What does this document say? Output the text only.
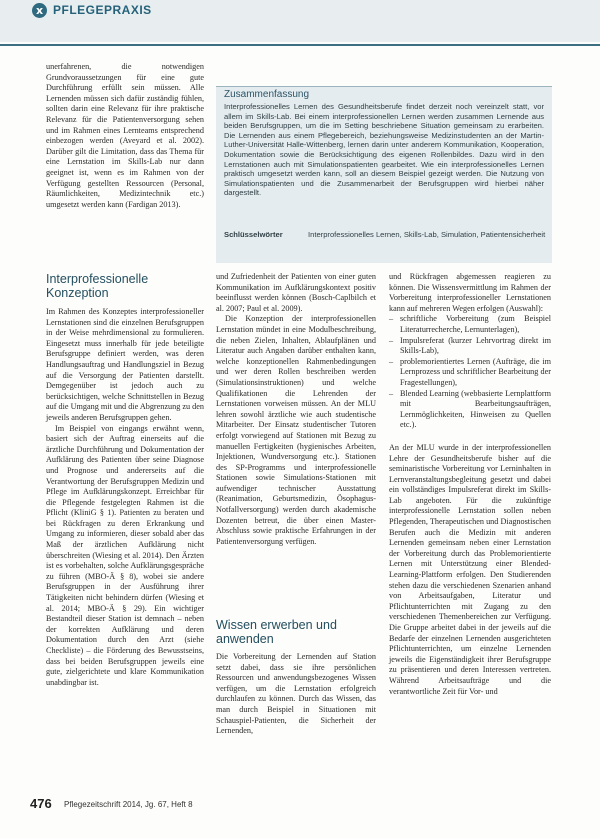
x PFLEGEPRAXIS

unerfahrenen, die notwendigen Grundvoraussetzungen für eine gute Durchführung erfüllt sein müssen. Alle Lernenden müssen sich dafür zuständig fühlen, sollten darin eine Relevanz für ihre praktische Relevanz für die Patientenversorgung sehen und im Rahmen eines Lernteams entsprechend einbezogen werden (Aveyard et al. 2002). Darüber gilt die Limitation, dass das Thema für eine Lernstation im Skills-Lab nur dann geeignet ist, wenn es im Rahmen von der Verfügung gestellten Ressourcen (Personal, Räumlichkeiten, Medizintechnik etc.) umgesetzt werden kann (Fardigan 2013).

Interprofessionelle Konzeption

Im Rahmen des Konzeptes interprofessioneller Lernstationen sind die einzelnen Berufsgruppen in der Weise mehrdimensional zu formulieren. Eingesetzt muss innerhalb für jede beteiligte Berufsgruppe definiert werden, was deren Handlungsauftrag und Handlungsziel in Bezug auf die Versorgung der Patienten darstellt. Demgegenüber ist jedoch auch zu berücksichtigen, welche Schnittstellen in Bezug auf die Umgang mit und die Abgrenzung zu den jeweils anderen Berufsgruppen gehen.

Im Beispiel von eingangs erwähnt wenn, basiert sich der Auftrag einerseits auf die ärztliche Durchführung und Dokumentation der Aufklärung des Patienten über seine Diagnose und Prognose und andererseits auf die Verantwortung der Berufsgruppen Medizin und Pflege im Aufklärungskonzept. Erreichbar für die Pflegende festgelegten Rahmen ist die Pflicht (KliniG § 1). Patienten zu beraten und bei Rückfragen zu deren Erkrankung und Umgang zu informieren, dieser sobald aber das Maß der ärztlichen Aufklärung nicht überschreiten (Wiesing et al. 2014). Den Ärzten ist es vorbehalten, solche Aufklärungsgespräche zu führen (MBO-Ä § 8), wobei sie andere Berufsgruppen in der Ausführung ihrer Tätigkeiten nicht behindern dürfen (Wiesing et al. 2014; MBO-Ä § 29). Ein wichtiger Bestandteil dieser Station ist demnach – neben der korrekten Aufklärung und deren Dokumentation durch den Arzt (siehe Checkliste) – die Förderung des Bewusstseins, dass bei beiden Berufsgruppen jeweils eine gute, zielgerichtete und klare Kommunikation unabdingbar ist.

Zusammenfassung
Interprofessionelles Lernen des Gesundheitsberufe findet derzeit noch vereinzelt statt, vor allem im Skills-Lab. Bei einem interprofessionellen Lernen werden zusammen Lernende aus beiden Berufsgruppen, um die im Setting beschriebene Situation gemeinsam zu erarbeiten. Die Lernenden aus einem Pflegebereich, beziehungsweise Medizinstudenten an der Martin-Luther-Universität Halle-Wittenberg, lernen darin unter anderem Kommunikation, Kooperation, Dokumentation sowie die Berücksichtigung des eigenen Rollenbildes. Dazu wird in den Lernstationen auch mit Simulationspatienten gearbeitet. Wie ein interprofessionelles Lernen praktisch umgesetzt werden kann, soll an diesem Beispiel gezeigt werden. Die Nutzung von Simulationspatienten und die Zusammenarbeit der Berufsgruppen wird hierbei näher dargestellt.
Schlüsselwörter	Interprofessionelles Lernen, Skills-Lab, Simulation, Patientensicherheit

und Zufriedenheit der Patienten von einer guten Kommunikation im Aufklärungskontext positiv beeinflusst werden können (Bosch-Caplbilch et al. 2007; Paul et al. 2009).

Die Konzeption der interprofessionellen Lernstation mündet in eine Modulbeschreibung, die neben Zielen, Inhalten, Ablaufplänen und Literatur auch Angaben darüber enthalten kann, welche konzeptionellen Rahmenbedingungen und wer deren Rollen beschreiben werden (Simulationsinstruktionen) und welche Qualifikationen die Lehrenden der Lernstationen vorweisen müssen. An der MLU lehren sowohl ärztliche wie auch studentische Mitarbeiter. Der Einsatz studentischer Tutoren erfolgt vorwiegend auf Stationen mit Bezug zu manuellen Fertigkeiten (hygienisches Arbeiten, Injektionen, Wundversorgung etc.). Stationen des SP-Programms und interprofessionelle Stationen sowie Simulations-Stationen mit aufwendiger technischer Ausstattung (Reanimation, Geburtsmedizin, Ösophagus-Notfallversorgung) werden durch akademische Dozenten betreut, die über einen Master-Abschluss sowie praktische Erfahrungen in der Patientenversorgung verfügen.

Wissen erwerben und anwenden

Die Vorbereitung der Lernenden auf Station setzt dabei, dass sie ihre persönlichen Ressourcen und anwendungsbezogenes Wissen verfügen, um die Lernstation erfolgreich durchlaufen zu können. Durch das Wissen, das man durch Beispiel in Situationen mit Schauspiel-Patienten, die Sicherheit der Lernenden,

und Rückfragen abgemessen reagieren zu können. Die Wissensvermittlung im Rahmen der Vorbereitung interprofessioneller Lernstationen kann auf mehreren Wegen erfolgen (Auswahl):

– schriftliche Vorbereitung (zum Beispiel Literaturrecherche, Lernunterlagen),
– Impulsreferat (kurzer Lehrvortrag direkt im Skills-Lab),
– problemorientiertes Lernen (Aufträge, die im Lernprozess und schriftlicher Bearbeitung der Fragestellungen),
– Blended Learning (webbasierte Lernplattform mit Bearbeitungsaufträgen, Lernmöglichkeiten, Hinweisen zu Quellen etc.).

An der MLU wurde in der interprofessionellen Lehre der Gesundheitsberufe bisher auf die seminaristische Vorbereitung vor Lerninhalten in Lernveranstaltungsbegleitung gesetzt und dabei ein vollständiges Impulsreferat direkt im Skills-Lab angeboten. Für die zukünftige interprofessionelle Lernstation sollen neben Pflegenden, Therapeutischen und Diagnostischen Berufen auch die Medizin mit anderen Lernenden gemeinsam neben einer Lernstation der Vorbereitung durch das Problemorientierte Lernen mit Unterstützung einer Blended-Learning-Plattform erfolgen. Den Studierenden stehen dazu die verschiedenen Szenarien anhand von Arbeitsaufgaben, Literatur und Pflichtunterrichten mit Zugang zu den verschiedenen Themenbereichen zur Verfügung. Die Gruppe arbeitet dabei in der jeweils auf die Bedarfe der einzelnen Lernenden ausgerichteten Pflichtunterrichten, um einzelne Lernenden jeweils die Eigenständigkeit ihrer Berufsgruppe zu präsentieren und deren Interessen vertreten. Während Arbeitsaufträge und die verantwortliche Zeit für Vor- und

476 Pflegezeitschrift 2014, Jg. 67, Heft 8
